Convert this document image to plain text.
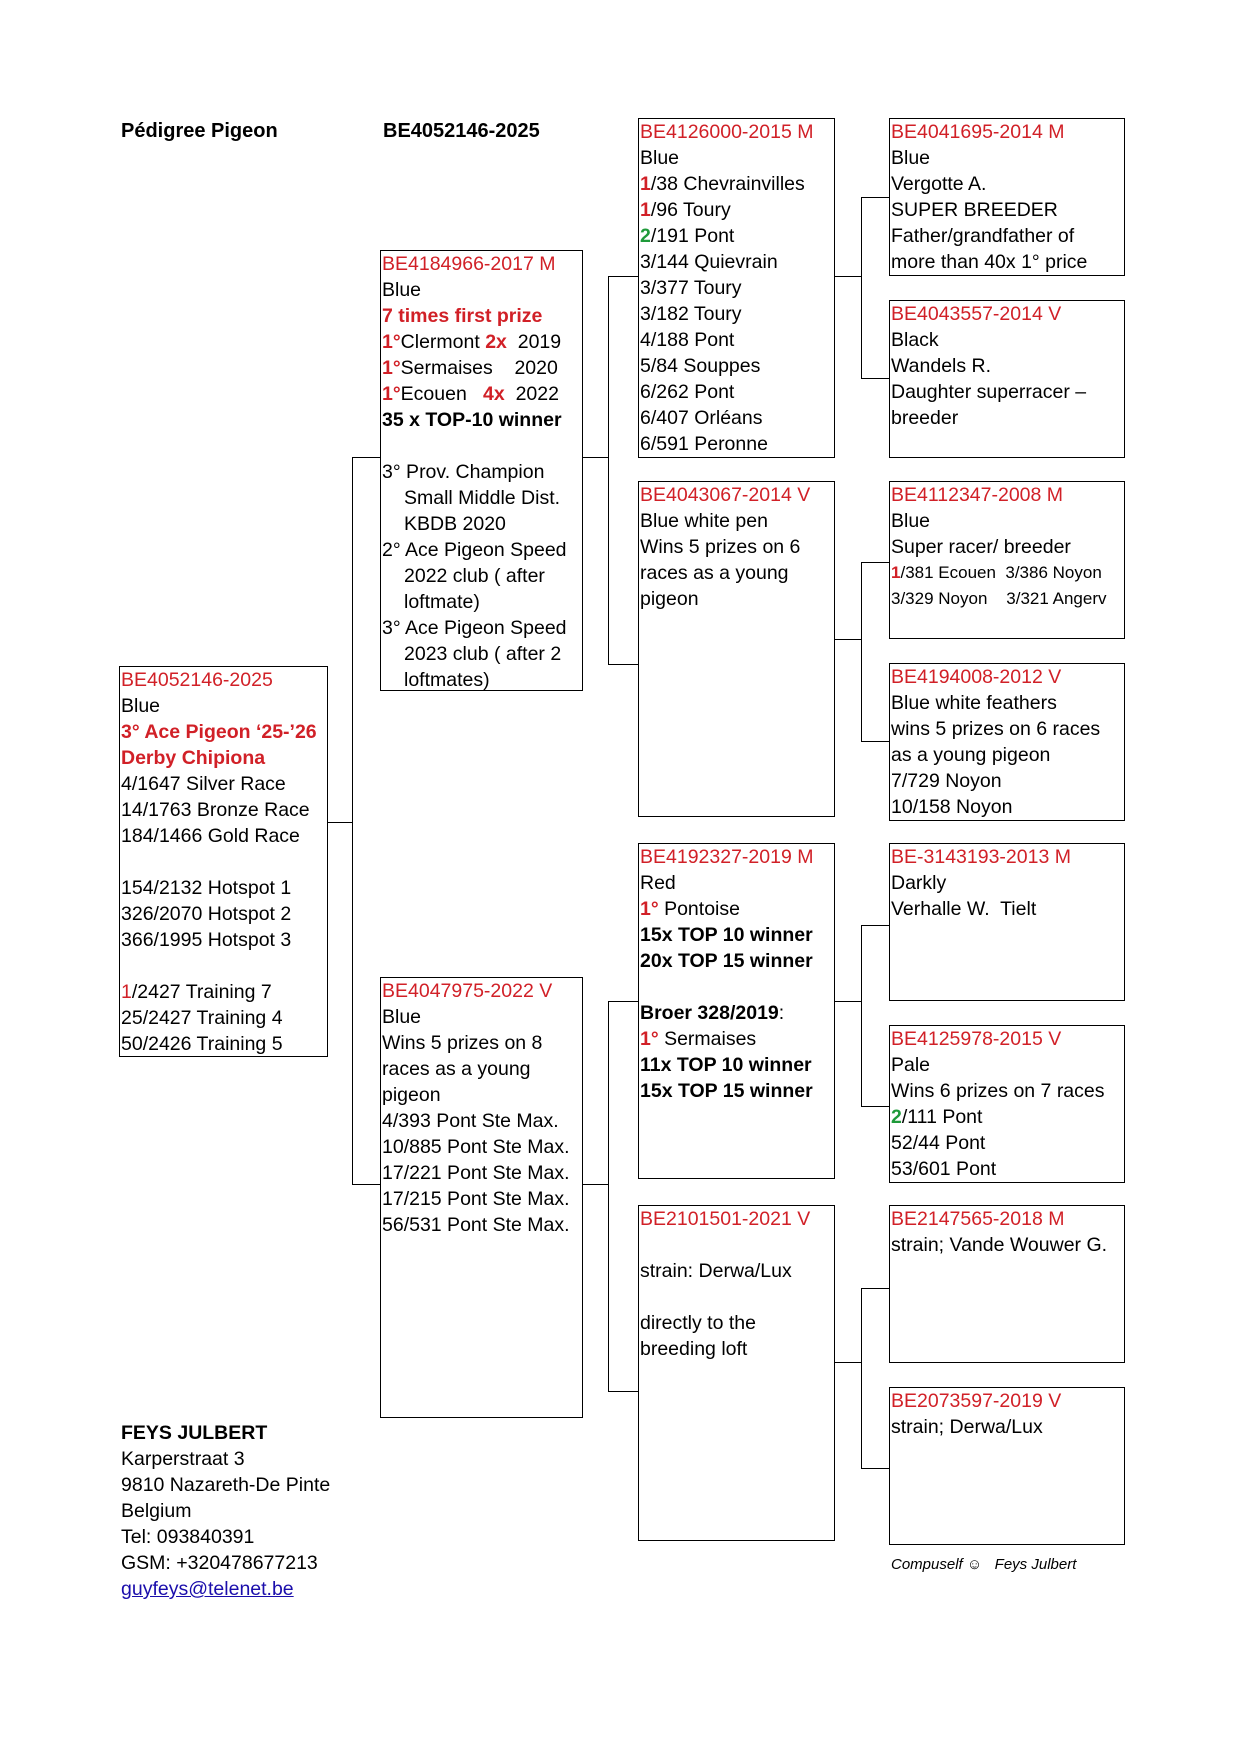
Pédigree Pigeon	BE4052146-2025
BE4052146-2025
Blue
3° Ace Pigeon ‘25-’26
Derby Chipiona
4/1647 Silver Race
14/1763 Bronze Race
184/1466 Gold Race
154/2132 Hotspot 1
326/2070 Hotspot 2
366/1995 Hotspot 3
1/2427 Training 7
25/2427 Training 4
50/2426 Training 5
BE4184966-2017 M
Blue
7 times first prize
1°Clermont 2x  2019
1°Sermaises    2020
1°Ecouen   4x  2022
35 x TOP-10 winner
3° Prov. Champion
Small Middle Dist.
KBDB 2020
2° Ace Pigeon Speed
2022 club ( after
loftmate)
3° Ace Pigeon Speed
2023 club ( after 2
loftmates)
BE4047975-2022 V
Blue
Wins 5 prizes on 8
races as a young
pigeon
4/393 Pont Ste Max.
10/885 Pont Ste Max.
17/221 Pont Ste Max.
17/215 Pont Ste Max.
56/531 Pont Ste Max.
BE4126000-2015 M
Blue
1/38 Chevrainvilles
1/96 Toury
2/191 Pont
3/144 Quievrain
3/377 Toury
3/182 Toury
4/188 Pont
5/84 Souppes
6/262 Pont
6/407 Orléans
6/591 Peronne
BE4043067-2014 V
Blue white pen
Wins 5 prizes on 6
races as a young
pigeon
BE4192327-2019 M
Red
1° Pontoise
15x TOP 10 winner
20x TOP 15 winner
Broer 328/2019:
1° Sermaises
11x TOP 10 winner
15x TOP 15 winner
BE2101501-2021 V
strain: Derwa/Lux
directly to the
breeding loft
BE4041695-2014 M
Blue
Vergotte A.
SUPER BREEDER
Father/grandfather of
more than 40x 1° price
BE4043557-2014 V
Black
Wandels R.
Daughter superracer –
breeder
BE4112347-2008 M
Blue
Super racer/ breeder
1/381 Ecouen  3/386 Noyon
3/329 Noyon    3/321 Angerv
BE4194008-2012 V
Blue white feathers
wins 5 prizes on 6 races
as a young pigeon
7/729 Noyon
10/158 Noyon
BE-3143193-2013 M
Darkly
Verhalle W.  Tielt
BE4125978-2015 V
Pale
Wins 6 prizes on 7 races
2/111 Pont
52/44 Pont
53/601 Pont
BE2147565-2018 M
strain; Vande Wouwer G.
BE2073597-2019 V
strain; Derwa/Lux
FEYS JULBERT
Karperstraat 3
9810 Nazareth-De Pinte
Belgium
Tel: 093840391
GSM: +320478677213
guyfeys@telenet.be
Compuself ☺   Feys Julbert
